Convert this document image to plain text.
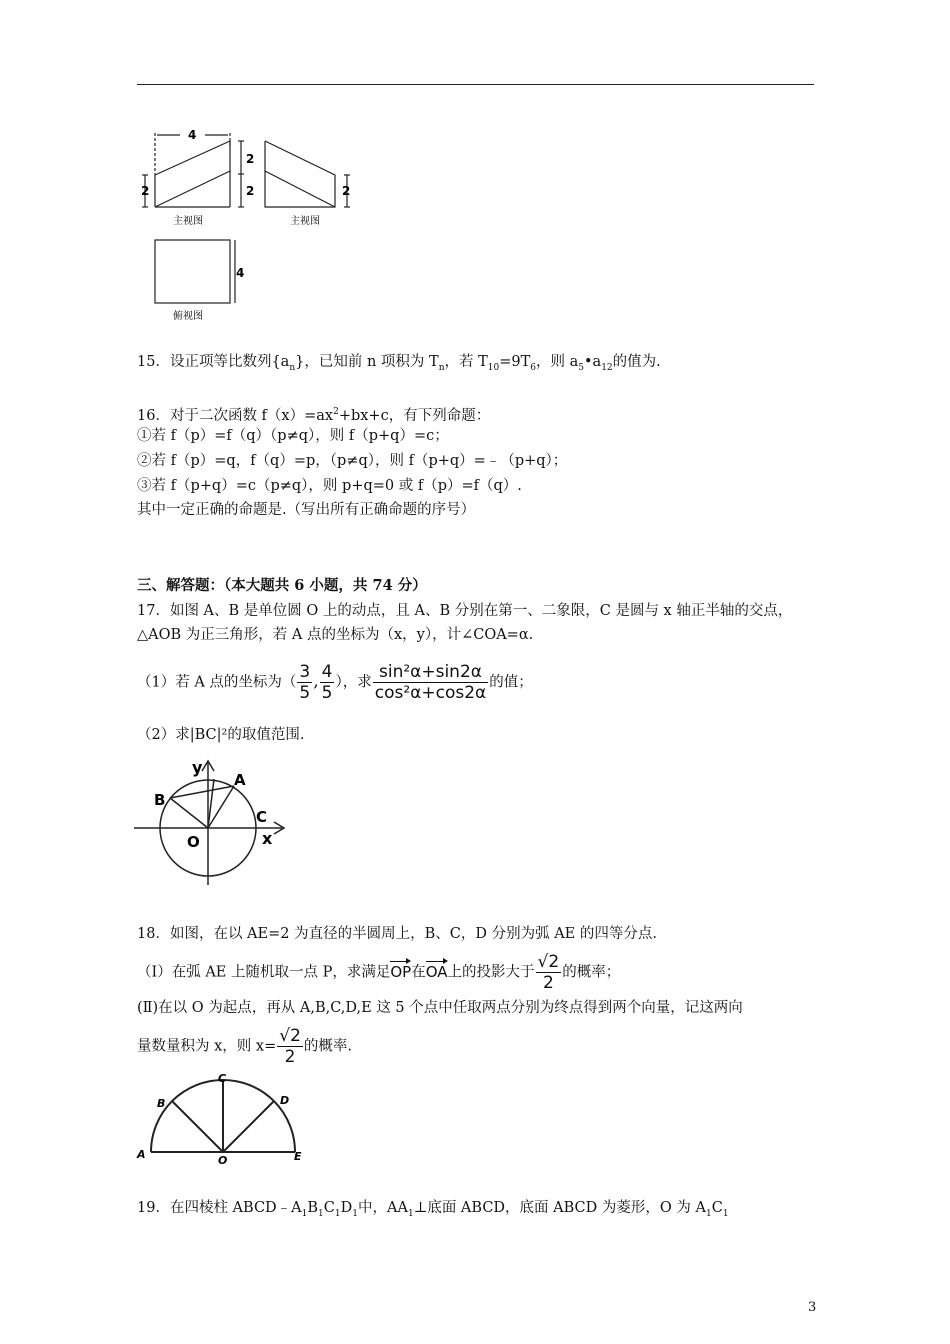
4
2
2
2	2
4
主视图	主视图
俯视图
15．设正项等比数列$\{a_n\}$，已知前 n 项积为 $T_n$，若 $T_{10}=9T_6$，则 $a_5•a_{12}$的值为.
16．对于二次函数 $f(x)=ax^2+bx+c$，有下列命题：
①若 f（p）=f（q）（p≠q），则 f（p+q）=c；
②若 f（p）=q，f（q）=p，（p≠q），则 f（p+q）=﹣（p+q）；
③若 f（p+q）=c（p≠q），则 p+q=0 或 f（p）=f（q）.
其中一定正确的命题是.（写出所有正确命题的序号）
三、解答题：（本大题共 6 小题，共 74 分）
17．如图 A、B 是单位圆 O 上的动点，且 A、B 分别在第一、二象限，C 是圆与 x 轴正半轴的交点，
△AOB 为正三角形，若 A 点的坐标为（x，y），计∠COA=α.
（1）若 A 点的坐标为（ $\frac{3}{5}$ , $\frac{4}{5}$ ），求 $\frac{\text{sin²α+sin2α}}{\text{cos²α+cos2α}}$ 的值；
（2）求|BC|²的取值范围.
y
A
B
C
x
O
18．如图，在以 AE=2 为直径的半圆周上，B、C，D 分别为弧 AE 的四等分点.
（Ⅰ）在弧 AE 上随机取一点 P，求满足OP在OA上的投影大于 $\frac{√2}{2}$ 的概率；
(Ⅱ)在以 O 为起点，再从 A,B,C,D,E 这 5 个点中任取两点分别为终点得到两个向量，记这两向
量数量积为 x，则 $x= \frac{√2}{2}$ 的概率.
A
B
C
D
E
O
19．在四棱柱 $ABCD﹣A_1B_1C_1D_1$中，$AA_1\perp$底面 ABCD，底面 ABCD 为菱形，O 为 $A_1C_1$
3
